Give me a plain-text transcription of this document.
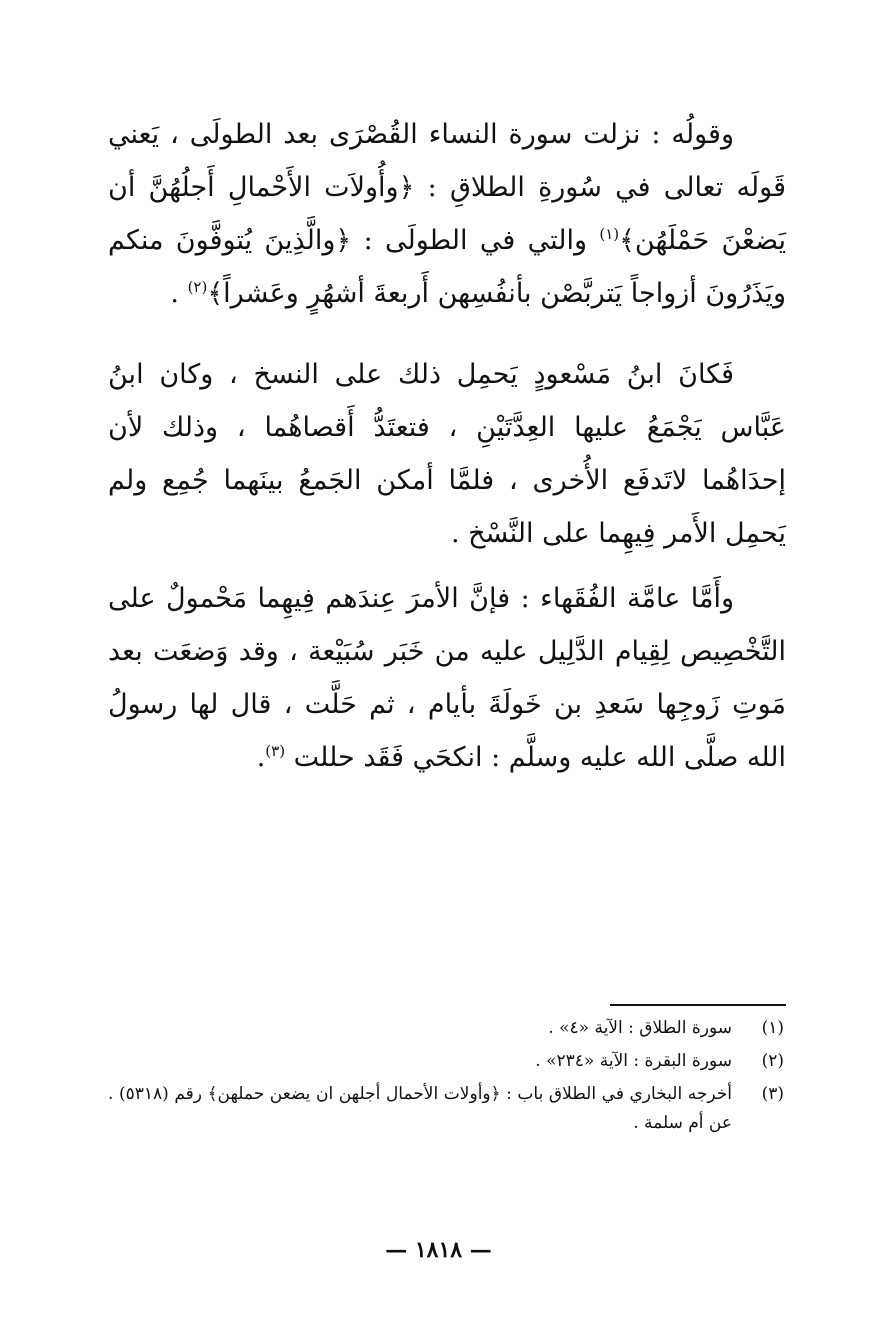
وقولُه : نزلت سورة النساء القُصْرَى بعد الطولَى ، يَعني قَولَه تعالى في سُورةِ الطلاقِ : ﴿وأُولاَت الأَحْمالِ أَجلُهُنَّ أن يَضعْنَ حَمْلَهُن﴾$^{(١)}$ والتي في الطولَى : ﴿والَّذِينَ يُتوفَّونَ منكم ويَذَرُونَ أزواجاً يَتربَّصْن بأنفُسِهن أَربعةَ أشهُرٍ وعَشراً﴾$^{(٢)}$ .

فَكانَ ابنُ مَسْعودٍ يَحمِل ذلك على النسخ ، وكان ابنُ عَبَّاس يَجْمَعُ عليها العِدَّتَيْنِ ، فتعتَدُّ أَقصاهُما ، وذلك لأن إحدَاهُما لاتَدفَع الأُخرى ، فلمَّا أمكن الجَمعُ بينَهما جُمِع ولم يَحمِل الأَمر فِيهِما على النَّسْخ .

وأَمَّا عامَّة الفُقَهاء : فإنَّ الأمرَ عِندَهم فِيهِما مَحْمولٌ على التَّخْصِيص لِقِيام الدَّلِيل عليه من خَبَر سُبَيْعة ، وقد وَضعَت بعد مَوتِ زَوجِها سَعدِ بن خَولَةَ بأيام ، ثم حَلَّت ، قال لها رسولُ الله صلَّى الله عليه وسلَّم : انكحَي فَقَد حللت $^{(٣)}$.

(١)
سورة الطلاق : الآية «٤» .
(٢)
سورة البقرة : الآية «٢٣٤» .
(٣)
أخرجه البخاري في الطلاق باب : ﴿وأولات الأحمال أجلهن ان يضعن حملهن﴾ رقم (٥٣١٨) . عن أم سلمة .
— ١٨١٨ —
